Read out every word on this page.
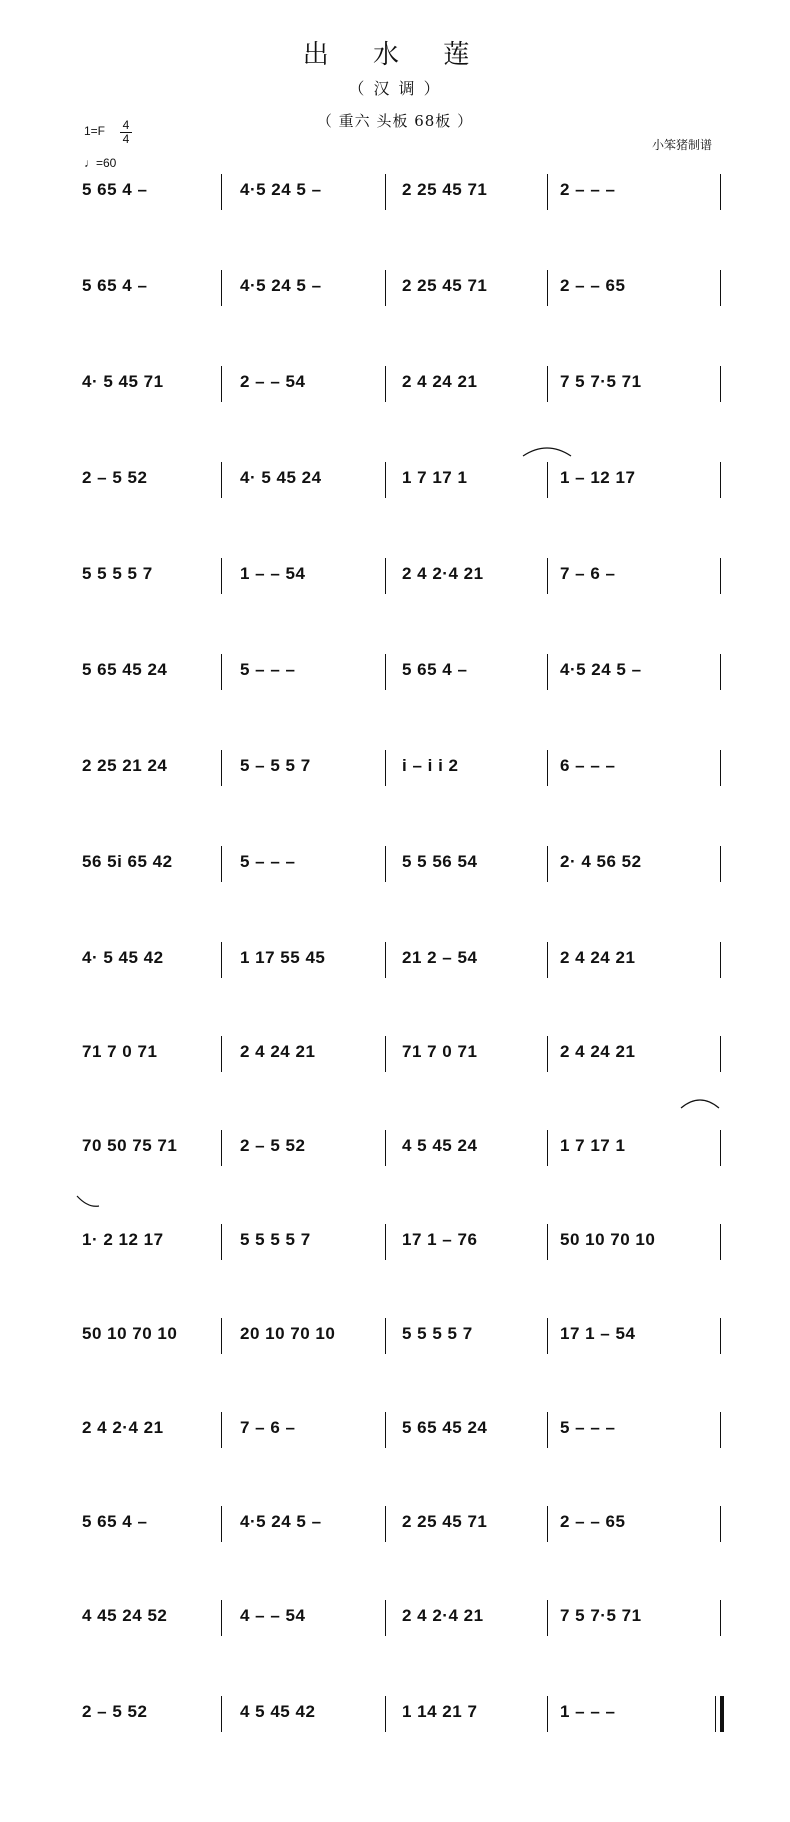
出 水 莲
（ 汉 调 ）
（ 重六 头板 68板 ）
1=F 4
4
♩=60
小笨猪制谱
5 65 4 –	4·5 24 5 –	2 25 45 71	2 – – –
5 65 4 –	4·5 24 5 –	2 25 45 71	2 – – 65
4· 5 45 71	2 – – 54	2 4 24 21	7 5 7·5 71
2 – 5 52	4· 5 45 24	1 7 17 1	1 – 12 17
5 5 5 5 7	1 – – 54	2 4 2·4 21	7 – 6 –
5 65 45 24	5 – – –	5 65 4 –	4·5 24 5 –
2 25 21 24	5 – 5 5 7	i – i i 2	6 – – –
56 5i 65 42	5 – – –	5 5 56 54	2· 4 56 52
4· 5 45 42	1 17 55 45	21 2 – 54	2 4 24 21
71 7 0 71	2 4 24 21	71 7 0 71	2 4 24 21
70 50 75 71	2 – 5 52	4 5 45 24	1 7 17 1
1· 2 12 17	5 5 5 5 7	17 1 – 76	50 10 70 10
50 10 70 10	20 10 70 10	5 5 5 5 7	17 1 – 54
2 4 2·4 21	7 – 6 –	5 65 45 24	5 – – –
5 65 4 –	4·5 24 5 –	2 25 45 71	2 – – 65
4 45 24 52	4 – – 54	2 4 2·4 21	7 5 7·5 71
2 – 5 52	4 5 45 42	1 14 21 7	1 – – –
